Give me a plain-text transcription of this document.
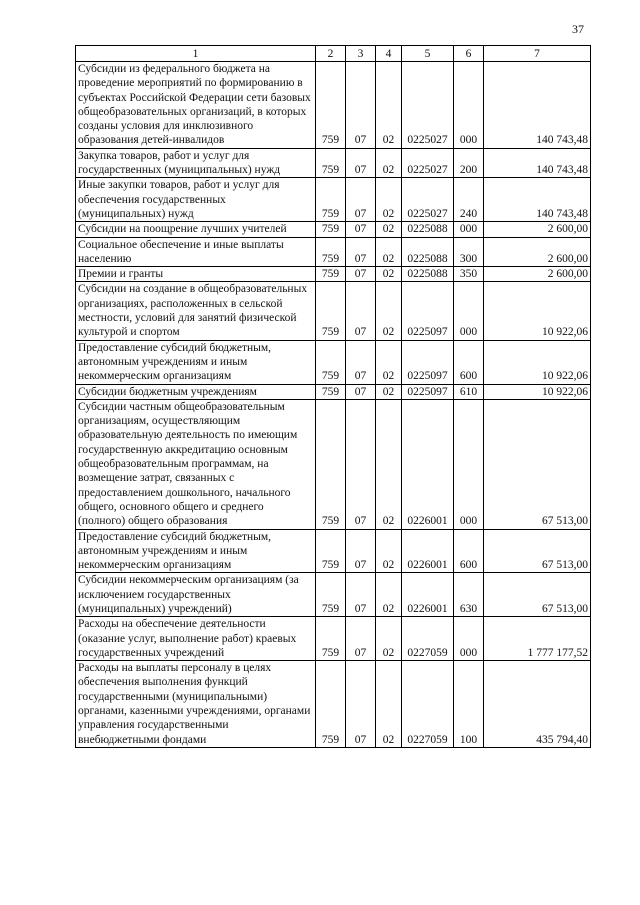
37
1	2	3	4	5	6	7
Субсидии из федерального бюджета на проведение мероприятий по формированию в субъектах Российской Федерации сети базовых общеобразовательных организаций, в которых созданы условия для инклюзивного образования детей-инвалидов	759	07	02	0225027	000	140 743,48
Закупка товаров, работ и услуг для государственных (муниципальных) нужд	759	07	02	0225027	200	140 743,48
Иные закупки товаров, работ и услуг для обеспечения государственных (муниципальных) нужд	759	07	02	0225027	240	140 743,48
Субсидии на поощрение лучших учителей	759	07	02	0225088	000	2 600,00
Социальное обеспечение и иные выплаты населению	759	07	02	0225088	300	2 600,00
Премии и гранты	759	07	02	0225088	350	2 600,00
Субсидии на создание в общеобразовательных организациях, расположенных в сельской местности, условий для занятий физической культурой и спортом	759	07	02	0225097	000	10 922,06
Предоставление субсидий бюджетным, автономным учреждениям и иным некоммерческим организациям	759	07	02	0225097	600	10 922,06
Субсидии бюджетным учреждениям	759	07	02	0225097	610	10 922,06
Субсидии частным общеобразовательным организациям, осуществляющим образовательную деятельность по имеющим государственную аккредитацию основным общеобразовательным программам, на возмещение затрат, связанных с предоставлением дошкольного, начального общего, основного общего и среднего (полного) общего образования	759	07	02	0226001	000	67 513,00
Предоставление субсидий бюджетным, автономным учреждениям и иным некоммерческим организациям	759	07	02	0226001	600	67 513,00
Субсидии некоммерческим организациям (за исключением государственных (муниципальных) учреждений)	759	07	02	0226001	630	67 513,00
Расходы на обеспечение деятельности (оказание услуг, выполнение работ) краевых государственных учреждений	759	07	02	0227059	000	1 777 177,52
Расходы на выплаты персоналу в целях обеспечения выполнения функций государственными (муниципальными) органами, казенными учреждениями, органами управления государственными внебюджетными фондами	759	07	02	0227059	100	435 794,40
